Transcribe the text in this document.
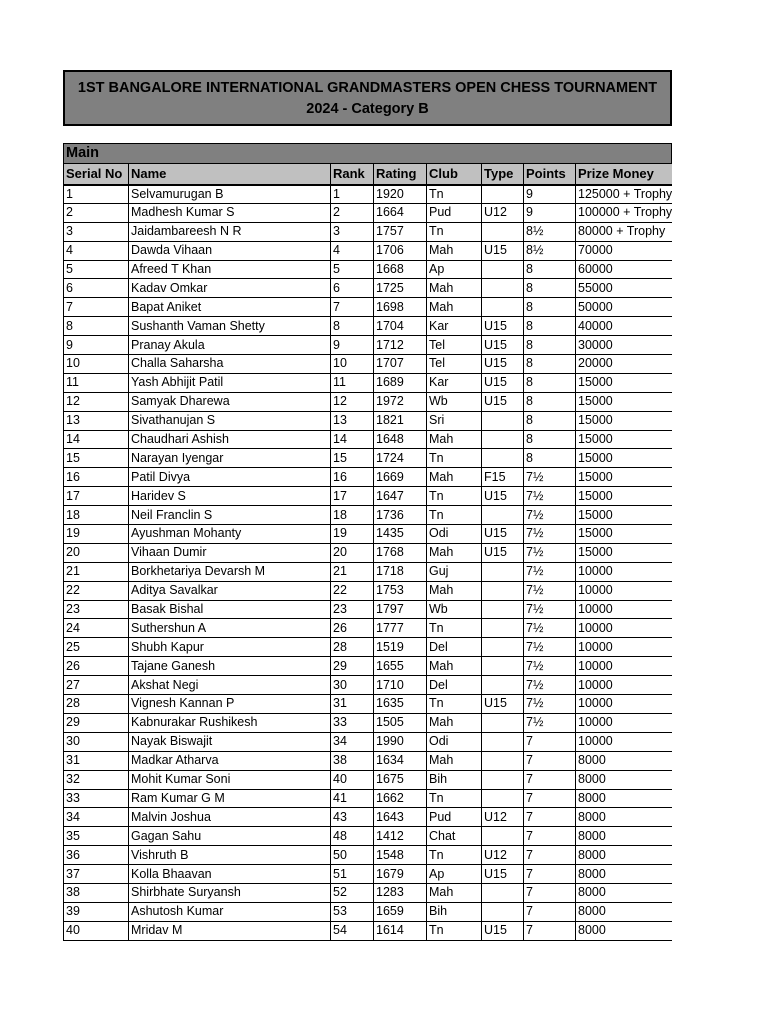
1ST BANGALORE INTERNATIONAL GRANDMASTERS OPEN CHESS TOURNAMENT
2024 - Category B
Main
Serial No	Name	Rank	Rating	Club	Type	Points	Prize Money
1	Selvamurugan B	1	1920	Tn		9	125000 + Trophy
2	Madhesh Kumar S	2	1664	Pud	U12	9	100000 + Trophy
3	Jaidambareesh N R	3	1757	Tn		8½	80000 + Trophy
4	Dawda Vihaan	4	1706	Mah	U15	8½	70000
5	Afreed T Khan	5	1668	Ap		8	60000
6	Kadav Omkar	6	1725	Mah		8	55000
7	Bapat Aniket	7	1698	Mah		8	50000
8	Sushanth Vaman Shetty	8	1704	Kar	U15	8	40000
9	Pranay Akula	9	1712	Tel	U15	8	30000
10	Challa Saharsha	10	1707	Tel	U15	8	20000
11	Yash Abhijit Patil	11	1689	Kar	U15	8	15000
12	Samyak Dharewa	12	1972	Wb	U15	8	15000
13	Sivathanujan S	13	1821	Sri		8	15000
14	Chaudhari Ashish	14	1648	Mah		8	15000
15	Narayan Iyengar	15	1724	Tn		8	15000
16	Patil Divya	16	1669	Mah	F15	7½	15000
17	Haridev S	17	1647	Tn	U15	7½	15000
18	Neil Franclin S	18	1736	Tn		7½	15000
19	Ayushman Mohanty	19	1435	Odi	U15	7½	15000
20	Vihaan Dumir	20	1768	Mah	U15	7½	15000
21	Borkhetariya Devarsh M	21	1718	Guj		7½	10000
22	Aditya Savalkar	22	1753	Mah		7½	10000
23	Basak Bishal	23	1797	Wb		7½	10000
24	Suthershun A	26	1777	Tn		7½	10000
25	Shubh Kapur	28	1519	Del		7½	10000
26	Tajane Ganesh	29	1655	Mah		7½	10000
27	Akshat Negi	30	1710	Del		7½	10000
28	Vignesh Kannan P	31	1635	Tn	U15	7½	10000
29	Kabnurakar Rushikesh	33	1505	Mah		7½	10000
30	Nayak Biswajit	34	1990	Odi		7	10000
31	Madkar Atharva	38	1634	Mah		7	8000
32	Mohit Kumar Soni	40	1675	Bih		7	8000
33	Ram Kumar G M	41	1662	Tn		7	8000
34	Malvin Joshua	43	1643	Pud	U12	7	8000
35	Gagan Sahu	48	1412	Chat		7	8000
36	Vishruth B	50	1548	Tn	U12	7	8000
37	Kolla Bhaavan	51	1679	Ap	U15	7	8000
38	Shirbhate Suryansh	52	1283	Mah		7	8000
39	Ashutosh Kumar	53	1659	Bih		7	8000
40	Mridav M	54	1614	Tn	U15	7	8000
